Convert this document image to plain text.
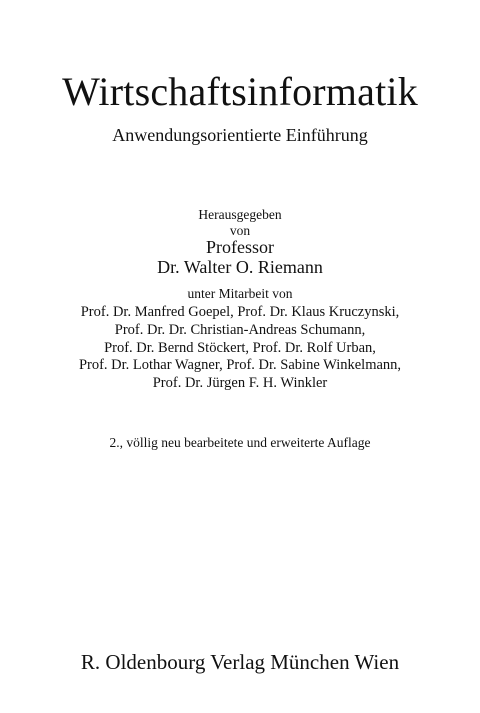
Wirtschaftsinformatik
Anwendungsorientierte Einführung
Herausgegeben
von
Professor
Dr. Walter O. Riemann
unter Mitarbeit von
Prof. Dr. Manfred Goepel, Prof. Dr. Klaus Kruczynski,
Prof. Dr. Dr. Christian-Andreas Schumann,
Prof. Dr. Bernd Stöckert, Prof. Dr. Rolf Urban,
Prof. Dr. Lothar Wagner, Prof. Dr. Sabine Winkelmann,
Prof. Dr. Jürgen F. H. Winkler
2., völlig neu bearbeitete und erweiterte Auflage
R. Oldenbourg Verlag München Wien
